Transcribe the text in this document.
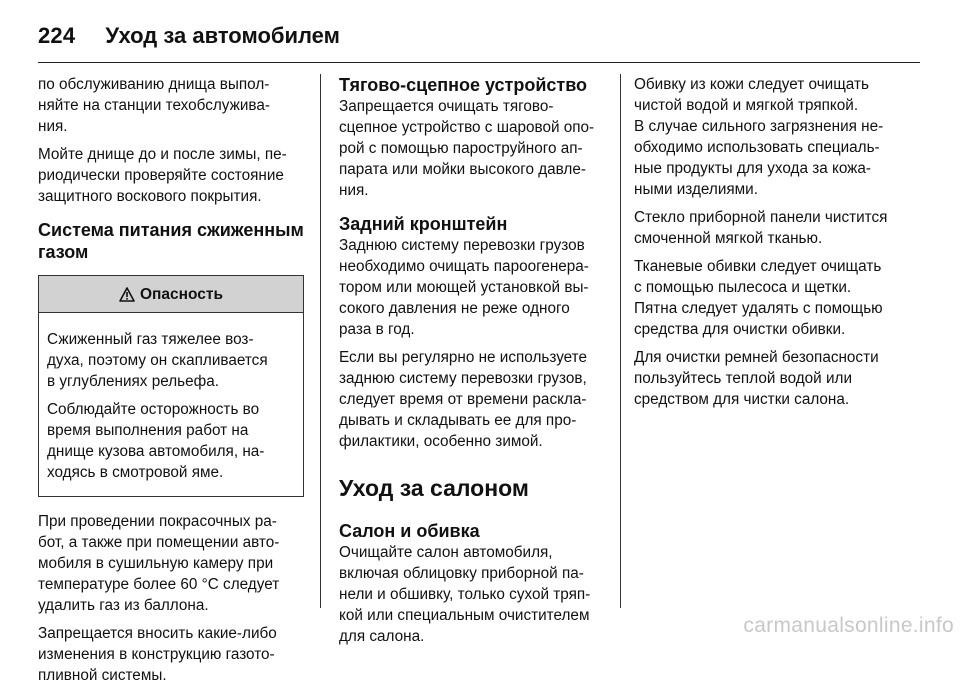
224 Уход за автомобилем

по обслуживанию днища выпол-
няйте на станции техобслужива-
ния.

Мойте днище до и после зимы, пе-
риодически проверяйте состояние
защитного воскового покрытия.

Система питания сжиженным
газом
Опасность

Сжиженный газ тяжелее воз-
духа, поэтому он скапливается
в углублениях рельефа.

Соблюдайте осторожность во
время выполнения работ на
днище кузова автомобиля, на-
ходясь в смотровой яме.

При проведении покрасочных ра-
бот, а также при помещении авто-
мобиля в сушильную камеру при
температуре более 60 °C следует
удалить газ из баллона.

Запрещается вносить какие-либо
изменения в конструкцию газото-
пливной системы.

Тягово-сцепное устройство

Запрещается очищать тягово-
сцепное устройство с шаровой опо-
рой с помощью пароструйного ап-
парата или мойки высокого давле-
ния.

Задний кронштейн

Заднюю систему перевозки грузов
необходимо очищать пароогенера-
тором или моющей установкой вы-
сокого давления не реже одного
раза в год.

Если вы регулярно не используете
заднюю систему перевозки грузов,
следует время от времени раскла-
дывать и складывать ее для про-
филактики, особенно зимой.

Уход за салоном
Салон и обивка

Очищайте салон автомобиля,
включая облицовку приборной па-
нели и обшивку, только сухой тряп-
кой или специальным очистителем
для салона.

Обивку из кожи следует очищать
чистой водой и мягкой тряпкой.
В случае сильного загрязнения не-
обходимо использовать специаль-
ные продукты для ухода за кожа-
ными изделиями.

Стекло приборной панели чистится
смоченной мягкой тканью.

Тканевые обивки следует очищать
с помощью пылесоса и щетки.
Пятна следует удалять с помощью
средства для очистки обивки.

Для очистки ремней безопасности
пользуйтесь теплой водой или
средством для чистки салона.

carmanualsonline.info
